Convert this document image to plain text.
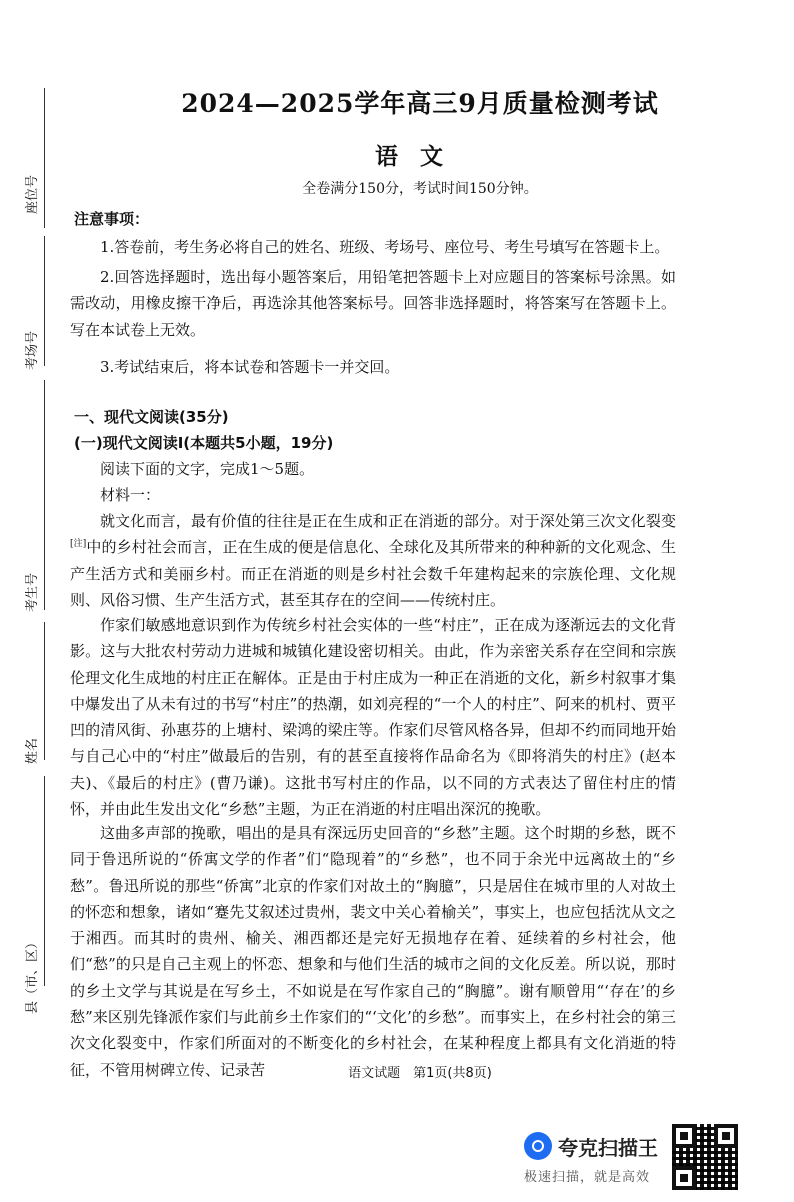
座位号
考场号
考生号
姓名
县（市、区）
2024—2025学年高三9月质量检测考试
语文
全卷满分150分，考试时间150分钟。
注意事项：
1.答卷前，考生务必将自己的姓名、班级、考场号、座位号、考生号填写在答题卡上。
2.回答选择题时，选出每小题答案后，用铅笔把答题卡上对应题目的答案标号涂黑。如需改动，用橡皮擦干净后，再选涂其他答案标号。回答非选择题时，将答案写在答题卡上。写在本试卷上无效。
3.考试结束后，将本试卷和答题卡一并交回。
一、现代文阅读(35分)
(一)现代文阅读Ⅰ(本题共5小题，19分)
阅读下面的文字，完成1～5题。
材料一：
就文化而言，最有价值的往往是正在生成和正在消逝的部分。对于深处第三次文化裂变[注]中的乡村社会而言，正在生成的便是信息化、全球化及其所带来的种种新的文化观念、生产生活方式和美丽乡村。而正在消逝的则是乡村社会数千年建构起来的宗族伦理、文化规则、风俗习惯、生产生活方式，甚至其存在的空间——传统村庄。
作家们敏感地意识到作为传统乡村社会实体的一些“村庄”，正在成为逐渐远去的文化背影。这与大批农村劳动力进城和城镇化建设密切相关。由此，作为亲密关系存在空间和宗族伦理文化生成地的村庄正在解体。正是由于村庄成为一种正在消逝的文化，新乡村叙事才集中爆发出了从未有过的书写“村庄”的热潮，如刘亮程的“一个人的村庄”、阿来的机村、贾平凹的清风街、孙惠芬的上塘村、梁鸿的梁庄等。作家们尽管风格各异，但却不约而同地开始与自己心中的“村庄”做最后的告别，有的甚至直接将作品命名为《即将消失的村庄》(赵本夫)、《最后的村庄》(曹乃谦)。这批书写村庄的作品，以不同的方式表达了留住村庄的情怀，并由此生发出文化“乡愁”主题，为正在消逝的村庄唱出深沉的挽歌。
这曲多声部的挽歌，唱出的是具有深远历史回音的“乡愁”主题。这个时期的乡愁，既不同于鲁迅所说的“侨寓文学的作者”们“隐现着”的“乡愁”，也不同于余光中远离故土的“乡愁”。鲁迅所说的那些“侨寓”北京的作家们对故土的“胸臆”，只是居住在城市里的人对故土的怀恋和想象，诸如“蹇先艾叙述过贵州，裴文中关心着榆关”，事实上，也应包括沈从文之于湘西。而其时的贵州、榆关、湘西都还是完好无损地存在着、延续着的乡村社会，他们“愁”的只是自己主观上的怀恋、想象和与他们生活的城市之间的文化反差。所以说，那时的乡土文学与其说是在写乡土，不如说是在写作家自己的“胸臆”。谢有顺曾用“‘存在’的乡愁”来区别先锋派作家们与此前乡土作家们的“‘文化’的乡愁”。而事实上，在乡村社会的第三次文化裂变中，作家们所面对的不断变化的乡村社会，在某种程度上都具有文化消逝的特征，不管用树碑立传、记录苦	语文试题　第1页(共8页)
夸克扫描王
极速扫描，就是高效
